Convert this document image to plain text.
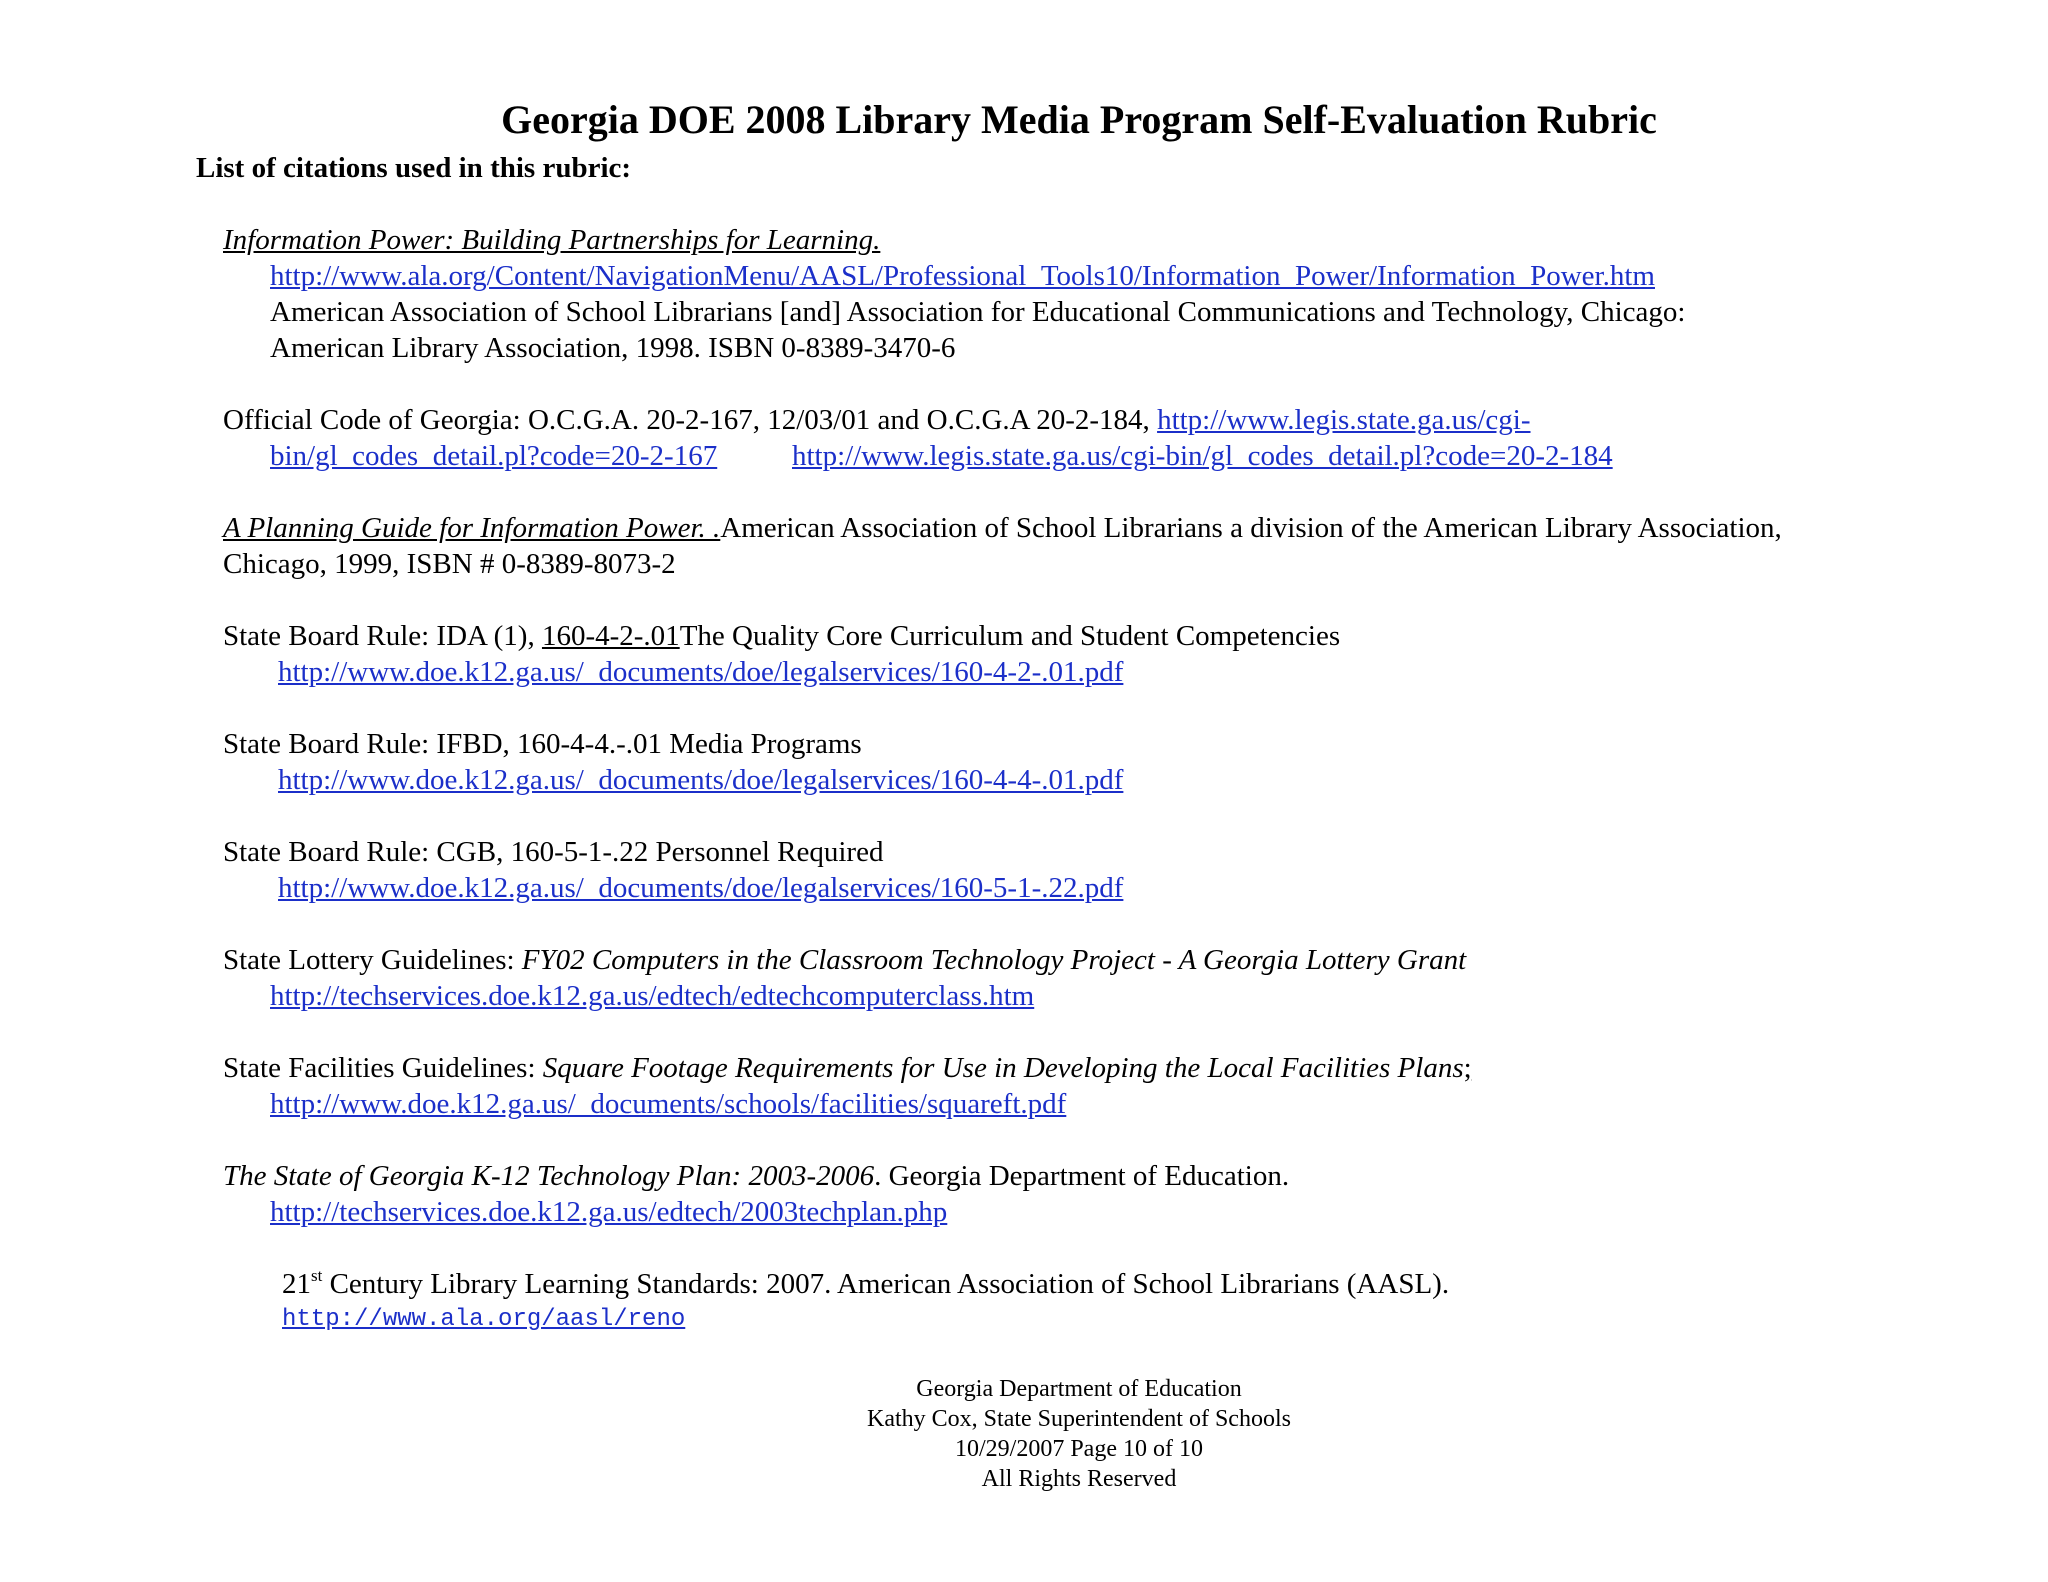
Georgia DOE 2008 Library Media Program Self-Evaluation Rubric
List of citations used in this rubric:
Information Power: Building Partnerships for Learning.
http://www.ala.org/Content/NavigationMenu/AASL/Professional_Tools10/Information_Power/Information_Power.htm
American Association of School Librarians [and] Association for Educational Communications and Technology, Chicago:
American Library Association, 1998. ISBN 0-8389-3470-6
Official Code of Georgia: O.C.G.A. 20-2-167, 12/03/01 and O.C.G.A 20-2-184, http://www.legis.state.ga.us/cgi-
bin/gl_codes_detail.pl?code=20-2-167	http://www.legis.state.ga.us/cgi-bin/gl_codes_detail.pl?code=20-2-184
A Planning Guide for Information Power. .American Association of School Librarians a division of the American Library Association,
Chicago, 1999, ISBN # 0-8389-8073-2
State Board Rule: IDA (1), 160-4-2-.01The Quality Core Curriculum and Student Competencies
http://www.doe.k12.ga.us/_documents/doe/legalservices/160-4-2-.01.pdf
State Board Rule: IFBD, 160-4-4.-.01 Media Programs
http://www.doe.k12.ga.us/_documents/doe/legalservices/160-4-4-.01.pdf
State Board Rule: CGB, 160-5-1-.22 Personnel Required
http://www.doe.k12.ga.us/_documents/doe/legalservices/160-5-1-.22.pdf
State Lottery Guidelines: FY02 Computers in the Classroom Technology Project - A Georgia Lottery Grant
http://techservices.doe.k12.ga.us/edtech/edtechcomputerclass.htm
State Facilities Guidelines: Square Footage Requirements for Use in Developing the Local Facilities Plans;
http://www.doe.k12.ga.us/_documents/schools/facilities/squareft.pdf
The State of Georgia K-12 Technology Plan: 2003-2006. Georgia Department of Education.
http://techservices.doe.k12.ga.us/edtech/2003techplan.php
21st Century Library Learning Standards: 2007. American Association of School Librarians (AASL).
http://www.ala.org/aasl/reno
Georgia Department of Education
Kathy Cox, State Superintendent of Schools
10/29/2007 Page 10 of 10
All Rights Reserved
